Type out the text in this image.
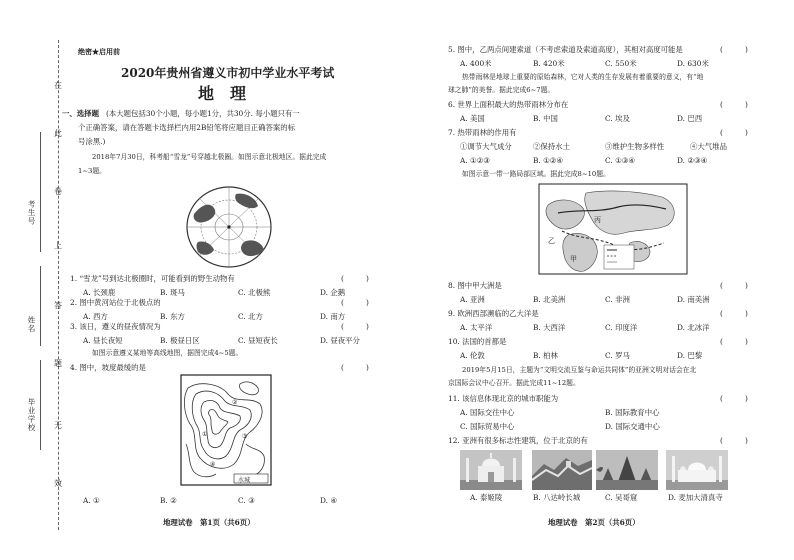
在
此
卷
上
答
题
无
效
考生号
姓名
毕业学校
绝密★启用前
2020年贵州省遵义市初中学业水平考试
地　理
一、选择题 (本大题包括30个小题，每小题1分，共30分. 每小题只有一
个正确答案，请在答题卡选择栏内用2B铅笔将应题目正确答案的标
号涂黑.)
2018年7月30日，科考船“雪龙”号穿越北极圈。如图示意北极地区。据此完成
1~3题。
1. “雪龙”号到达北极圈时，可能看到的野生动物有	(　　　)
A. 长颈鹿	B. 斑马	C. 北极熊	D. 企鹅
2. 图中黄河站位于北极点的	(　　　)
A. 西方	B. 东方	C. 北方	D. 南方
3. 该日，遵义的昼夜情况为	(　　　)
A. 昼长夜短	B. 极昼日区	C. 昼短夜长	D. 昼夜平分
如图示意遵义某地等高线地图，据图完成4~5题。
4. 图中，坡度最缓的是	(　　　)
①
②
③
④
水城
A. ①	B. ②	C. ③	D. ④
地理试卷　第1页（共6页）
5. 图中，乙两点间建索道（不考虑索道及索道高度），其相对高度可能是	(　　　)
A. 400米	B. 420米	C. 550米	D. 630米
热带雨林是地球上重要的原始森林，它对人类的生存发展有着重要的意义，有“地
球之肺”的美誉。据此完成6~7题。
6. 世界上面积最大的热带雨林分布在	(　　　)
A. 美国	B. 中国	C. 埃及	D. 巴西
7. 热带雨林的作用有	(　　　)
①调节大气成分	②保持水土	③维护生物多样性	④大气堆品
A. ①②③	B. ①②④	C. ①③④	D. ②③④
如图示意一带一路局部区域。据此完成8~10题。
乙
丙
甲
8. 图中甲大洲是	(　　　)
A. 亚洲	B. 北美洲	C. 非洲	D. 南美洲
9. 欧洲西部濒临的乙大洋是	(　　　)
A. 太平洋	B. 大西洋	C. 印度洋	D. 北冰洋
10. 法国的首都是	(　　　)
A. 伦敦	B. 柏林	C. 罗马	D. 巴黎
2019年5月15日，主题为“文明交流互鉴与命运共同体”的亚洲文明对话会在北
京国际会议中心召开。据此完成11~12题。
11. 该信息体现北京的城市职能为	(　　　)
A. 国际交往中心	B. 国际教育中心
C. 国际贸易中心	D. 国际交通中心
12. 亚洲有很多标志性建筑，位于北京的有	(　　　)
A. 泰姬陵	B. 八达岭长城	C. 吴哥窟	D. 麦加大清真寺
地理试卷　第2页（共6页）
